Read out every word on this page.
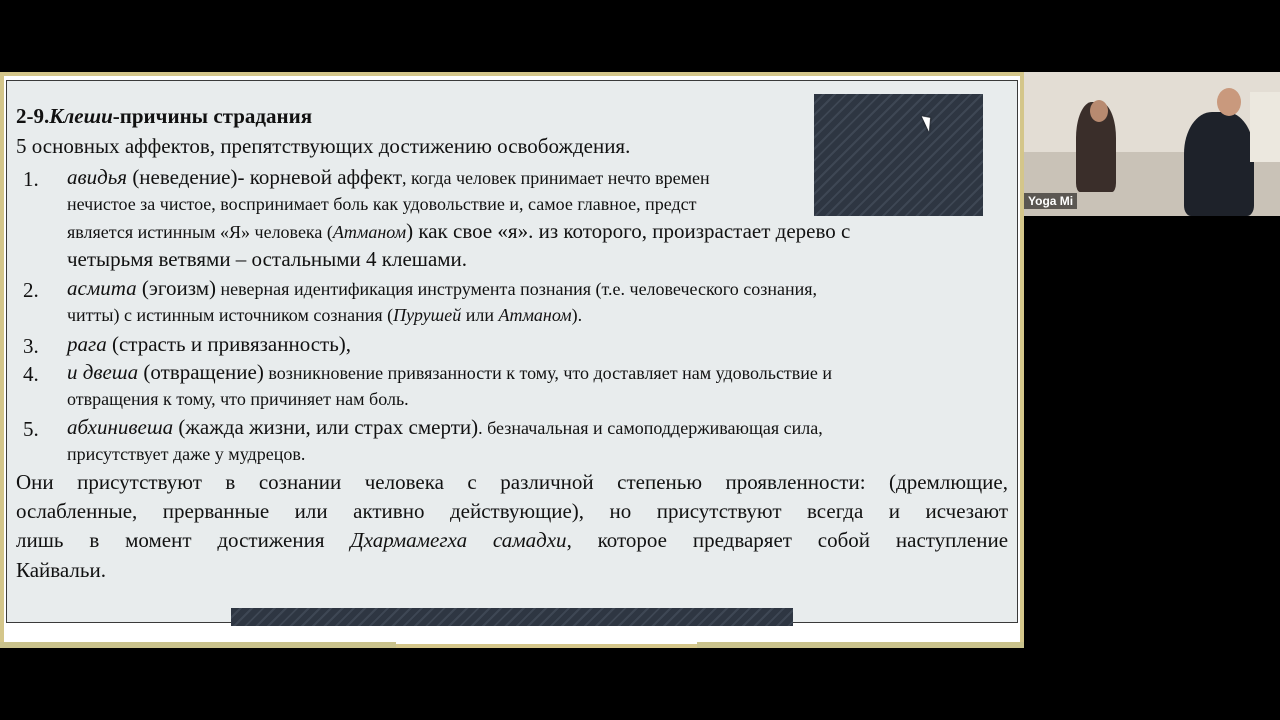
2-9.Клеши-причины страдания
5 основных аффектов, препятствующих достижению освобождения.
1. авидья (неведение)- корневой аффект, когда человек принимает нечто времен
нечистое за чистое, воспринимает боль как удовольствие и, самое главное, предст
является истинным «Я» человека (Атманом) как свое «я». из которого, произрастает дерево с
четырьмя ветвями – остальными 4 клешами.
2. асмита (эгоизм) неверная идентификация инструмента познания (т.е. человеческого сознания,
читты) с истинным источником сознания (Пурушей или Атманом).
3. рага (страсть и привязанность),
4. и двеша (отвращение) возникновение привязанности к тому, что доставляет нам удовольствие и
отвращения к тому, что причиняет нам боль.
5. абхинивеша (жажда жизни, или страх смерти). безначальная и самоподдерживающая сила,
присутствует даже у мудрецов.
Они присутствуют в сознании человека с различной степенью проявленности: (дремлющие,
ослабленные, прерванные или активно действующие), но присутствуют всегда и исчезают
лишь в момент достижения Дхармамегха самадхи, которое предваряет собой наступление
Кайвальи.
Yoga Mi
